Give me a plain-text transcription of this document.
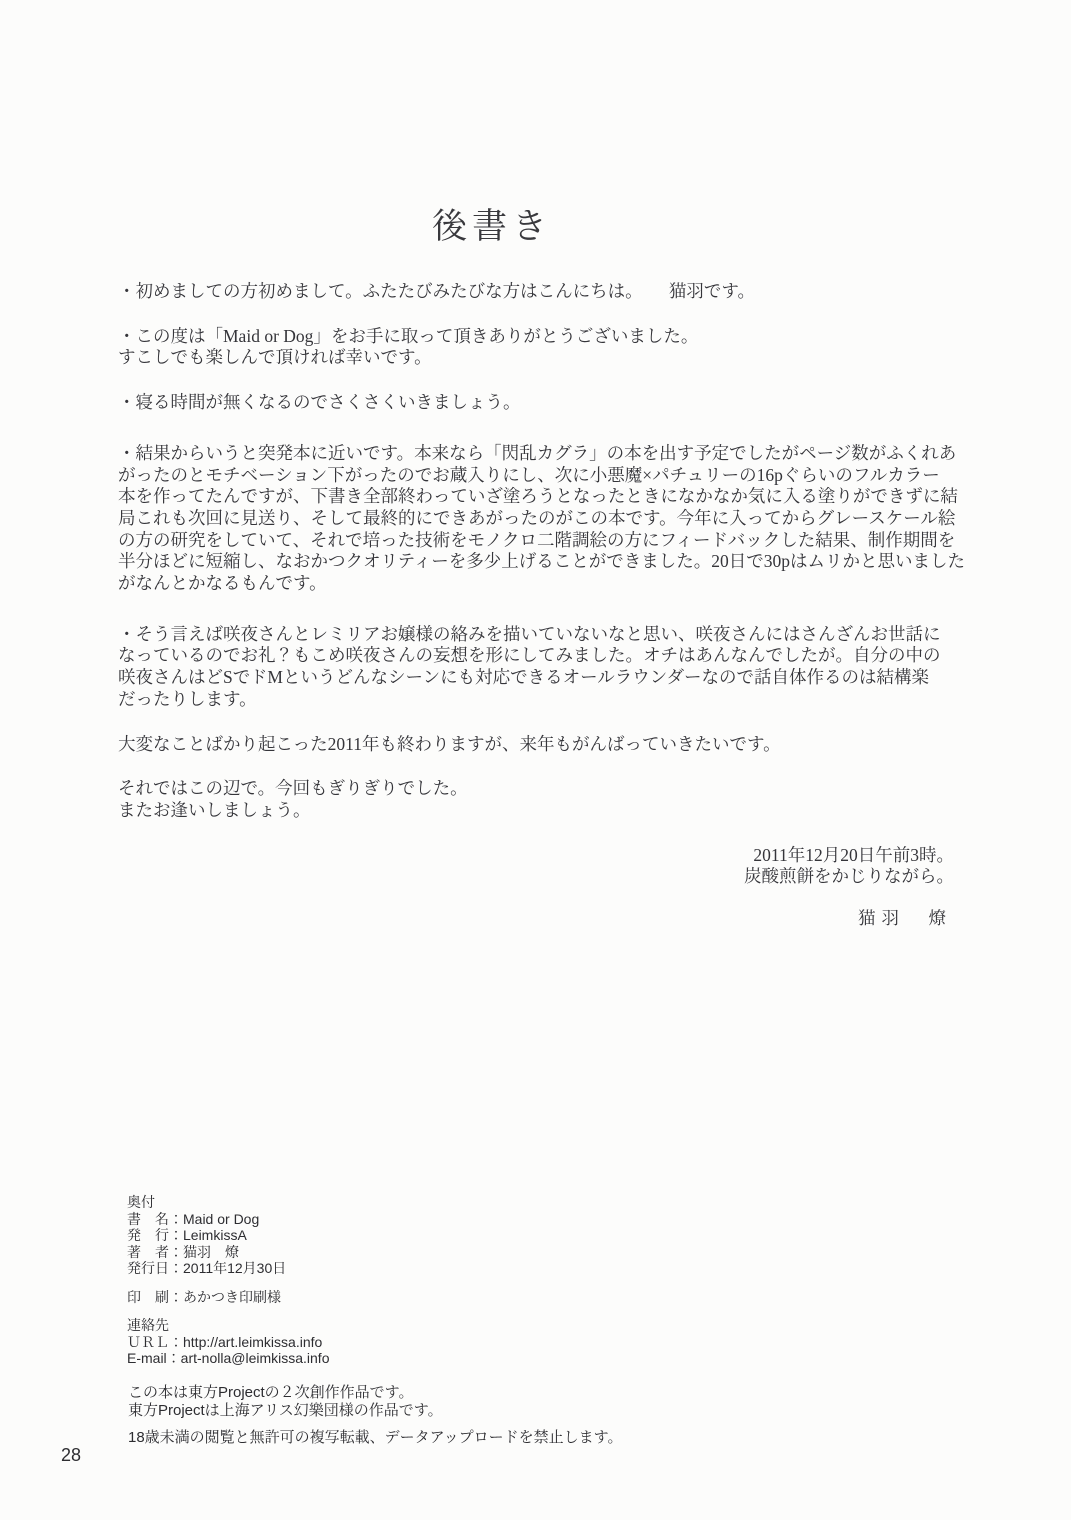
後書き
・初めましての方初めまして。ふたたびみたびな方はこんにちは。　　猫羽です。
・この度は「Maid or Dog」をお手に取って頂きありがとうございました。
すこしでも楽しんで頂ければ幸いです。
・寝る時間が無くなるのでさくさくいきましょう。
・結果からいうと突発本に近いです。本来なら「閃乱カグラ」の本を出す予定でしたがページ数がふくれあ
がったのとモチベーション下がったのでお蔵入りにし、次に小悪魔×パチュリーの16pぐらいのフルカラー
本を作ってたんですが、下書き全部終わっていざ塗ろうとなったときになかなか気に入る塗りができずに結
局これも次回に見送り、そして最終的にできあがったのがこの本です。今年に入ってからグレースケール絵
の方の研究をしていて、それで培った技術をモノクロ二階調絵の方にフィードバックした結果、制作期間を
半分ほどに短縮し、なおかつクオリティーを多少上げることができました。20日で30pはムリかと思いました
がなんとかなるもんです。
・そう言えば咲夜さんとレミリアお嬢様の絡みを描いていないなと思い、咲夜さんにはさんざんお世話に
なっているのでお礼？もこめ咲夜さんの妄想を形にしてみました。オチはあんなんでしたが。自分の中の
咲夜さんはどSでドMというどんなシーンにも対応できるオールラウンダーなので話自体作るのは結構楽
だったりします。
大変なことばかり起こった2011年も終わりますが、来年もがんばっていきたいです。
それではこの辺で。今回もぎりぎりでした。
またお逢いしましょう。
2011年12月20日午前3時。
炭酸煎餅をかじりながら。
猫羽　燎
奥付
書　名：Maid or Dog
発　行：LeimkissA
著　者：猫羽　燎
発行日：2011年12月30日
印　刷：あかつき印刷様
連絡先
ＵＲＬ：http://art.leimkissa.info
E-mail：art-nolla@leimkissa.info
この本は東方Projectの２次創作作品です。
東方Projectは上海アリス幻樂団様の作品です。
18歳未満の閲覧と無許可の複写転載、データアップロードを禁止します。
28
